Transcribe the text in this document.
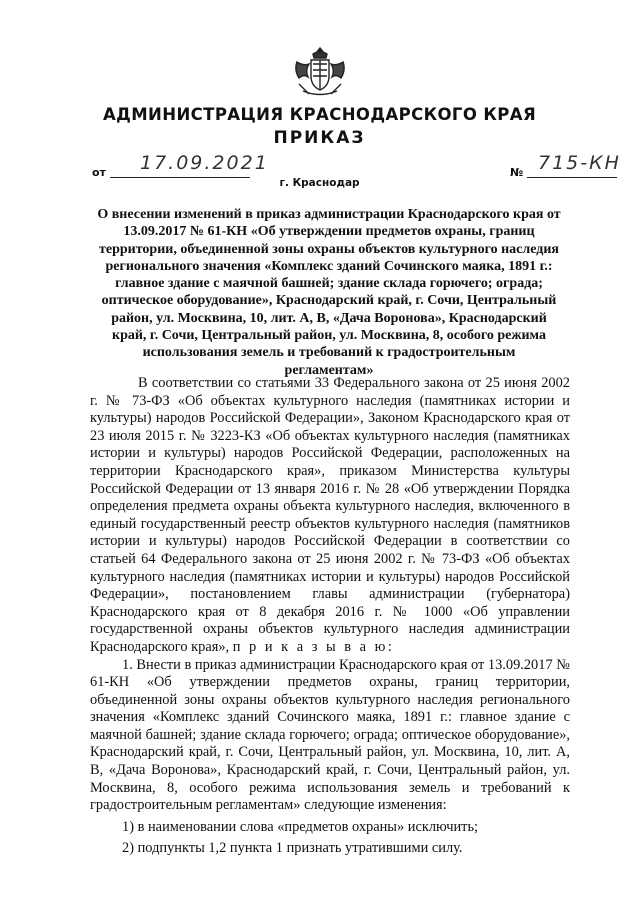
АДМИНИСТРАЦИЯ КРАСНОДАРСКОГО КРАЯ
ПРИКАЗ
от 17.09.2021	№ 715-КН
г. Краснодар
О внесении изменений в приказ администрации Краснодарского края от 13.09.2017 № 61-КН «Об утверждении предметов охраны, границ территории, объединенной зоны охраны объектов культурного наследия регионального значения «Комплекс зданий Сочинского маяка, 1891 г.: главное здание с маячной башней; здание склада горючего; ограда; оптическое оборудование», Краснодарский край, г. Сочи, Центральный район, ул. Москвина, 10, лит. А, В, «Дача Воронова», Краснодарский край, г. Сочи, Центральный район, ул. Москвина, 8, особого режима использования земель и требований к градостроительным регламентам»

В соответствии со статьями 33 Федерального закона от 25 июня 2002 г. № 73-ФЗ «Об объектах культурного наследия (памятниках истории и культуры) народов Российской Федерации», Законом Краснодарского края от 23 июля 2015 г. № 3223-КЗ «Об объектах культурного наследия (памятниках истории и культуры) народов Российской Федерации, расположенных на территории Краснодарского края», приказом Министерства культуры Российской Федерации от 13 января 2016 г. № 28 «Об утверждении Порядка определения предмета охраны объекта культурного наследия, включенного в единый государственный реестр объектов культурного наследия (памятников истории и культуры) народов Российской Федерации в соответствии со статьей 64 Федерального закона от 25 июня 2002 г. № 73-ФЗ «Об объектах культурного наследия (памятниках истории и культуры) народов Российской Федерации», постановлением главы администрации (губернатора) Краснодарского края от 8 декабря 2016 г. № 1000 «Об управлении государственной охраны объектов культурного наследия администрации Краснодарского края», п р и к а з ы в а ю:

1. Внести в приказ администрации Краснодарского края от 13.09.2017 № 61-КН «Об утверждении предметов охраны, границ территории, объединенной зоны охраны объектов культурного наследия регионального значения «Комплекс зданий Сочинского маяка, 1891 г.: главное здание с маячной башней; здание склада горючего; ограда; оптическое оборудование», Краснодарский край, г. Сочи, Центральный район, ул. Москвина, 10, лит. А, В, «Дача Воронова», Краснодарский край, г. Сочи, Центральный район, ул. Москвина, 8, особого режима использования земель и требований к градостроительным регламентам» следующие изменения:

1) в наименовании слова «предметов охраны» исключить;

2) подпункты 1,2 пункта 1 признать утратившими силу.
